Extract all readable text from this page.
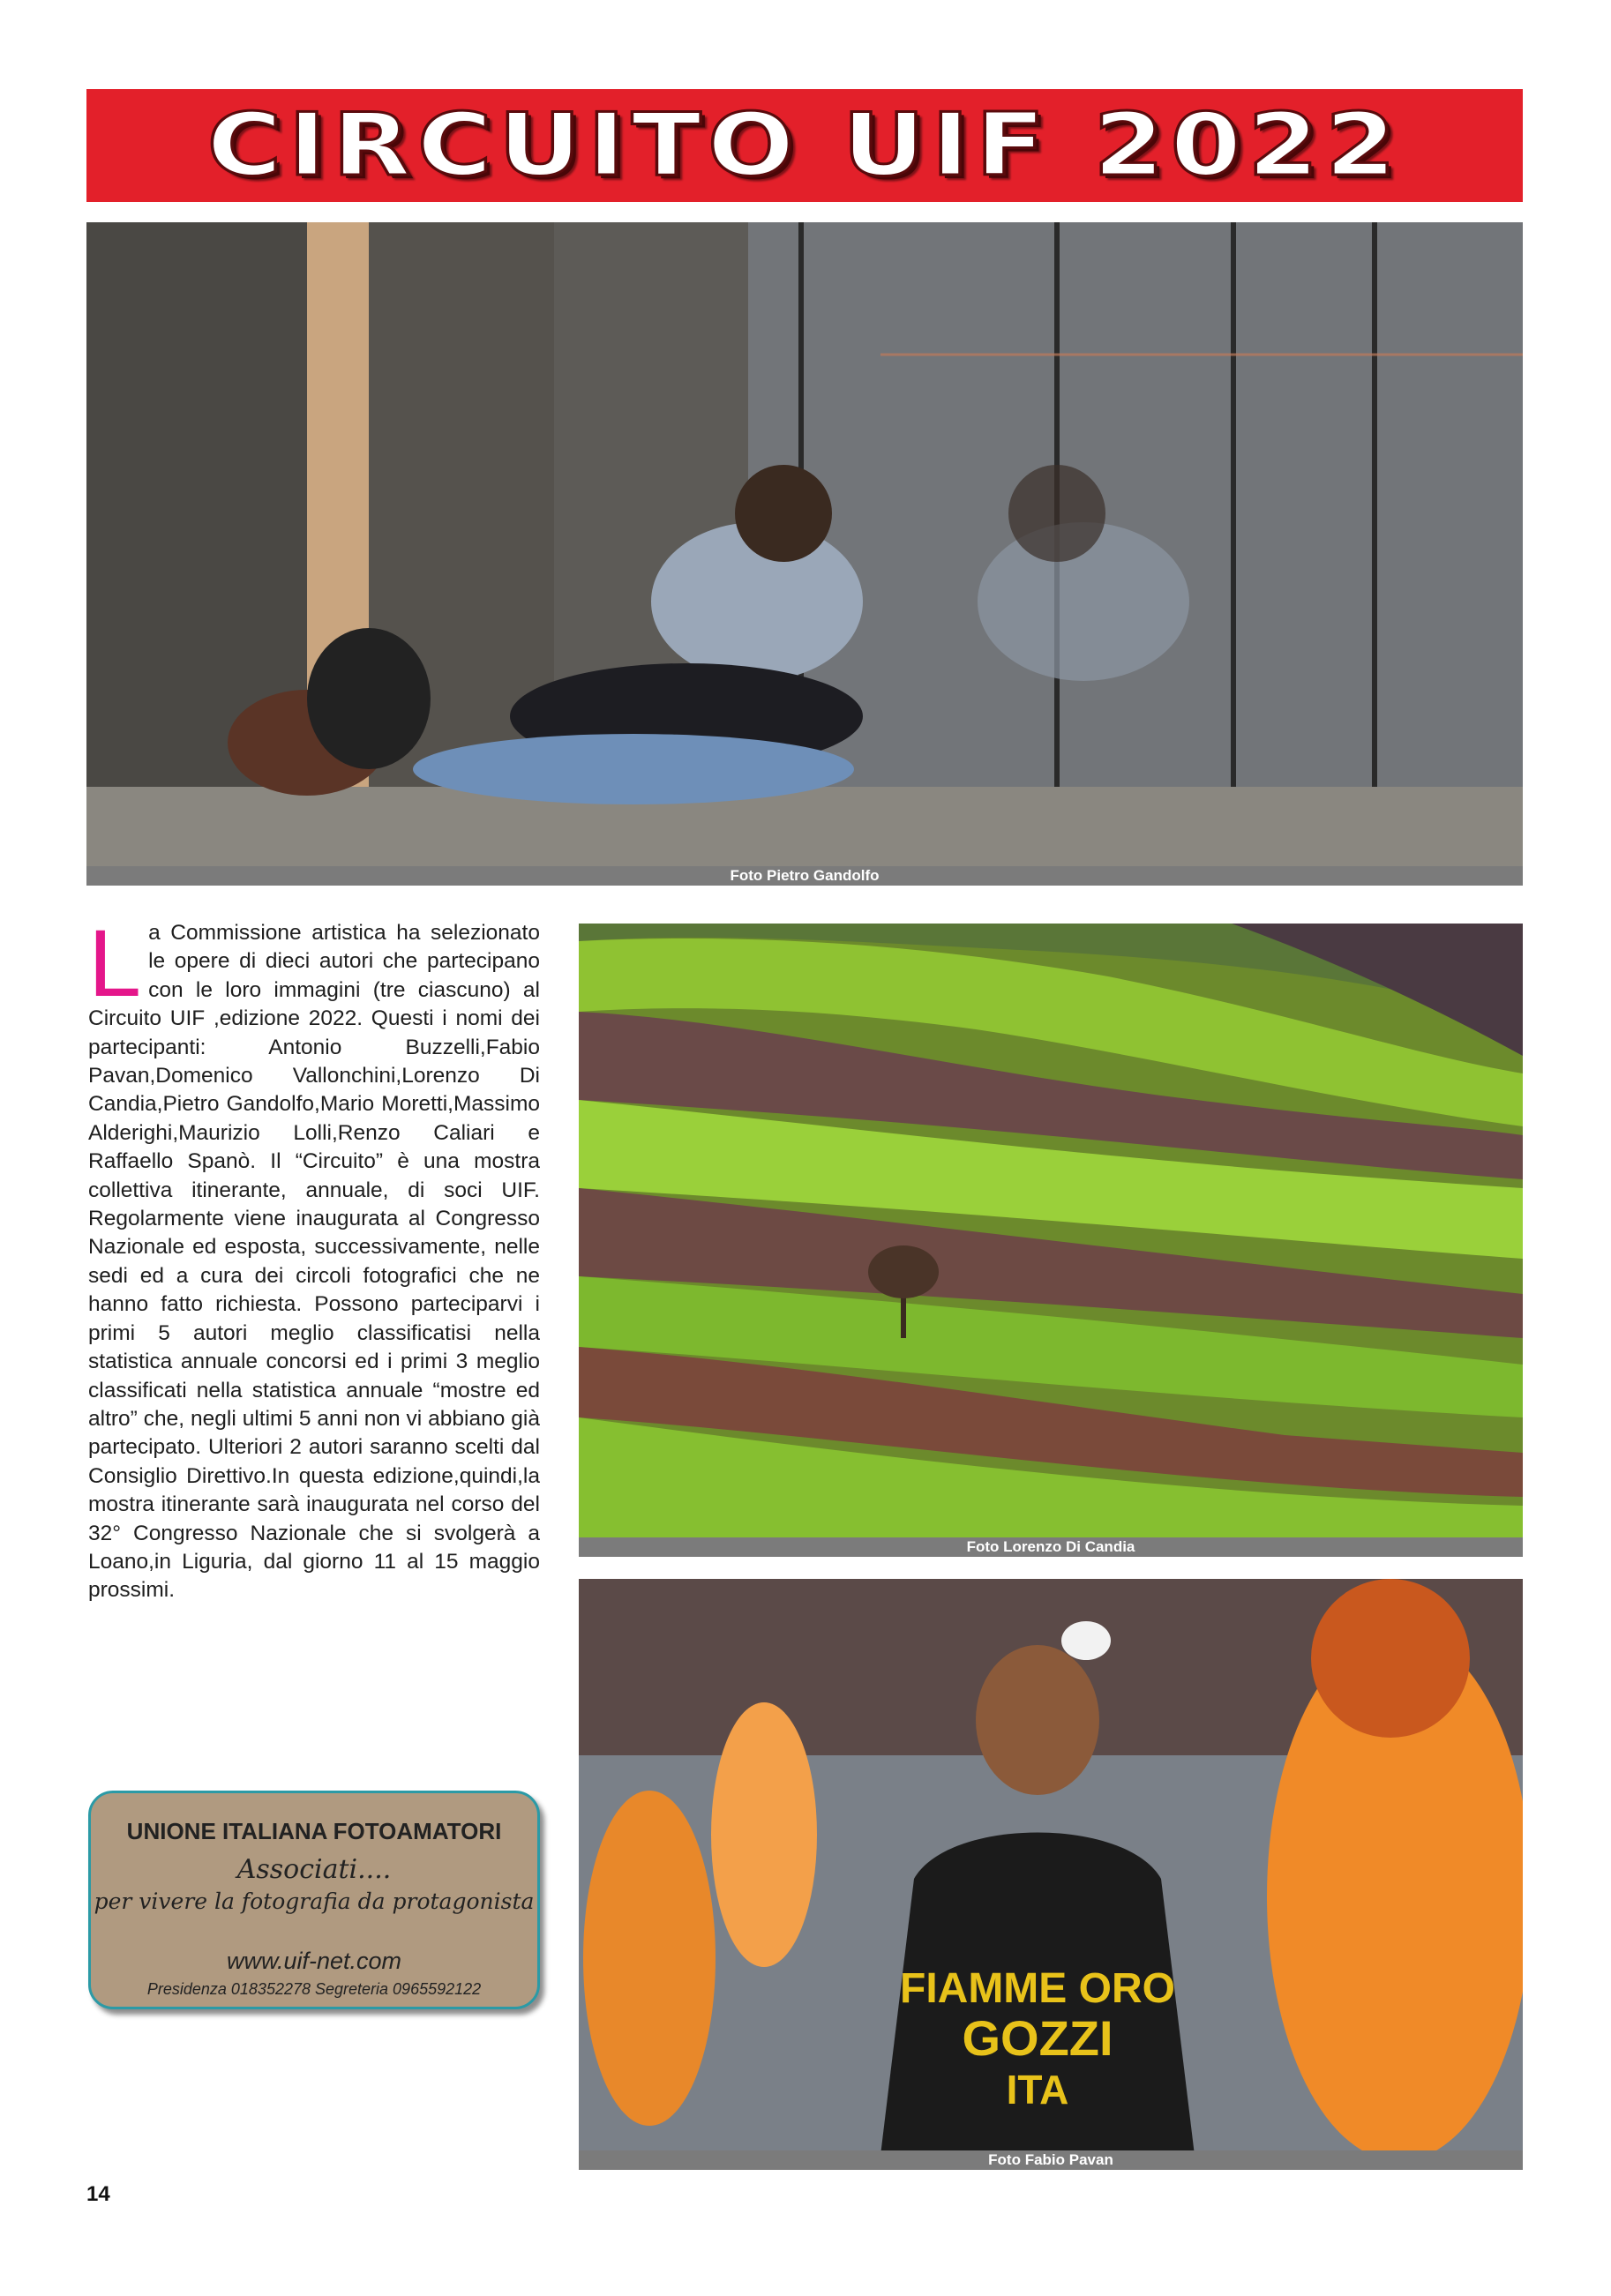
CIRCUITO UIF 2022
Foto Pietro Gandolfo
Foto Lorenzo Di Candia
FIAMME ORO
GOZZI
ITA
Foto Fabio Pavan
La Commissione artistica ha selezionato le opere di dieci autori che partecipano con le loro immagini (tre ciascuno) al Circuito UIF ,edizione 2022. Questi i nomi dei partecipanti: Antonio Buzzelli,Fabio Pavan,Domenico Vallonchini,Lorenzo Di Candia,Pietro Gandolfo,Mario Moretti,Massimo Alderighi,Maurizio Lolli,Renzo Caliari e Raffaello Spanò. Il “Circuito” è una mostra collettiva itinerante, annuale, di soci UIF. Regolarmente viene inaugurata al Congresso Nazionale ed esposta, successivamente, nelle sedi ed a cura dei circoli fotografici che ne hanno fatto richiesta. Possono parteciparvi i primi 5 autori meglio classificatisi nella statistica annuale concorsi ed i primi 3 meglio classificati nella statistica annuale “mostre ed altro” che, negli ultimi 5 anni non vi abbiano già partecipato. Ulteriori 2 autori saranno scelti dal Consiglio Direttivo.In questa edizione,quindi,la mostra itinerante sarà inaugurata nel corso del 32° Congresso Nazionale che si svolgerà a Loano,in Liguria, dal giorno 11 al 15 maggio prossimi.
UNIONE ITALIANA FOTOAMATORI
Associati....
per vivere la fotografia da protagonista
www.uif-net.com
Presidenza 018352278 Segreteria 0965592122
14
